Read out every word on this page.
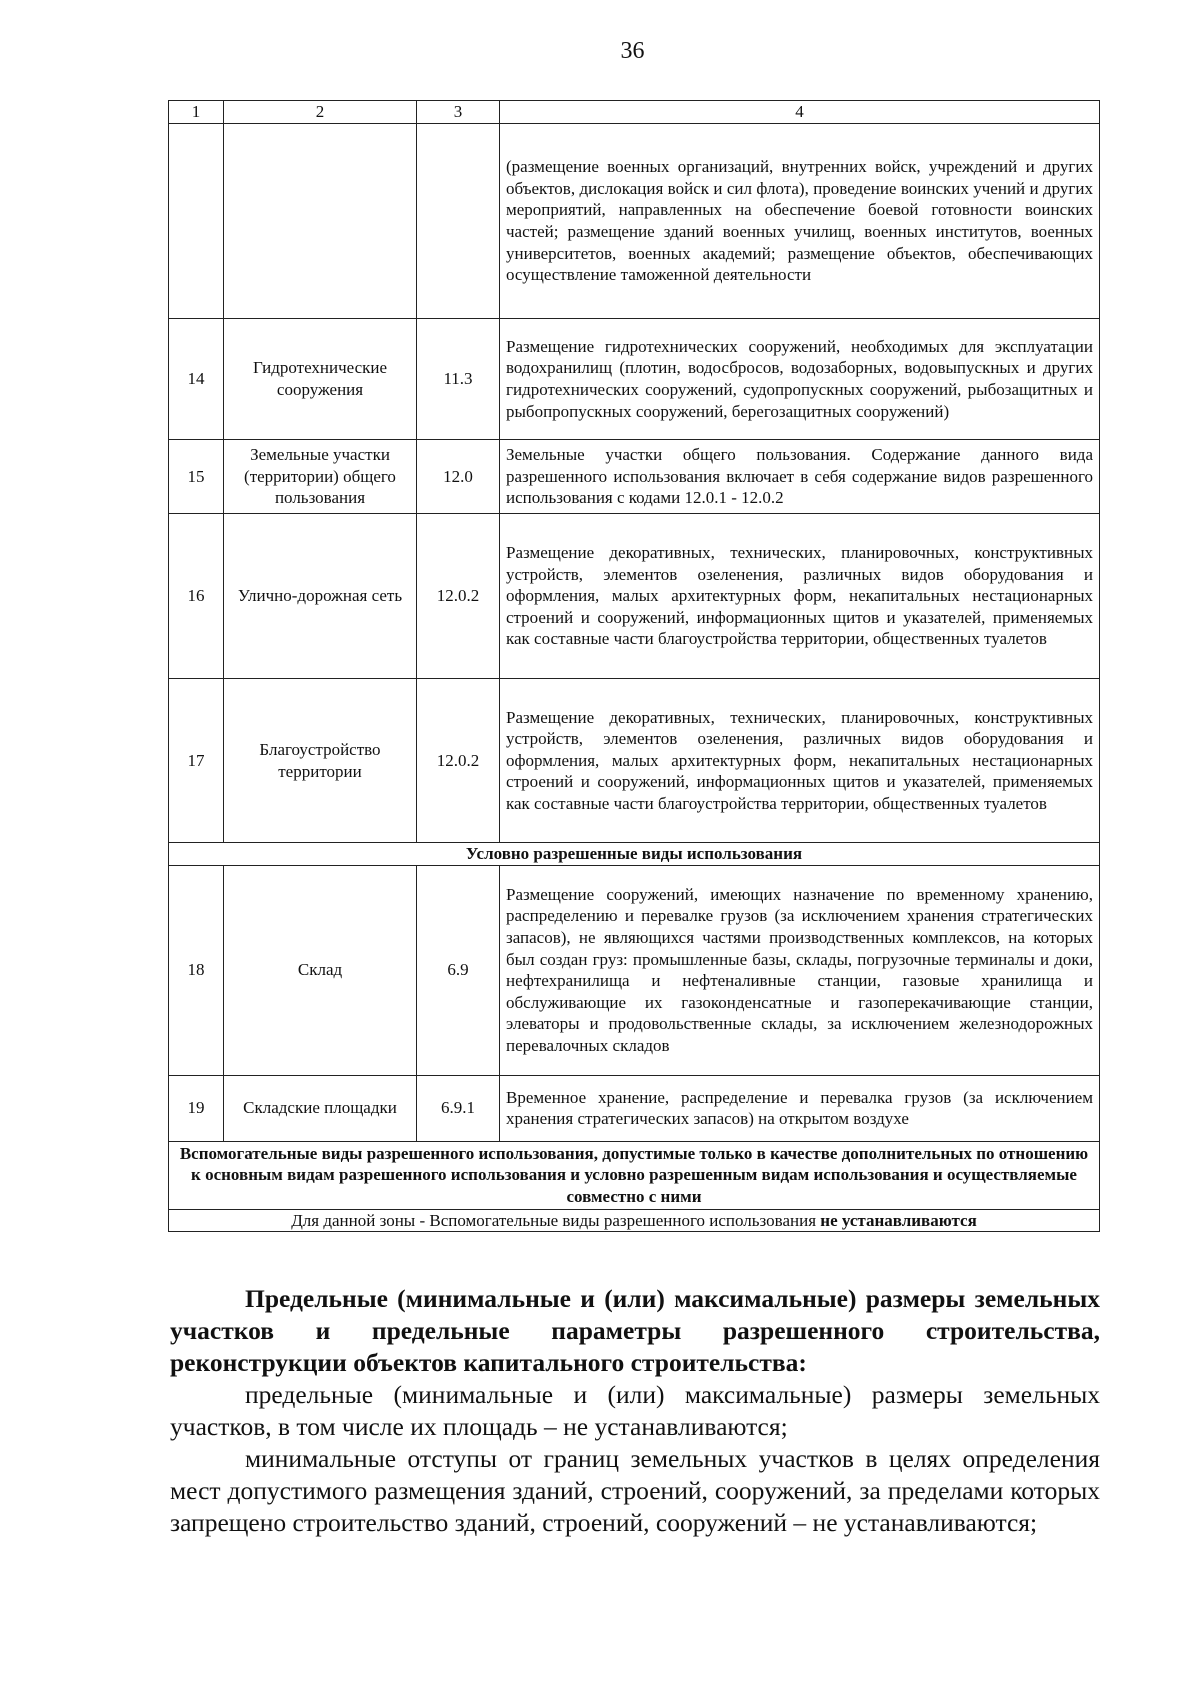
36
1	2	3	4
			(размещение военных организаций, внутренних войск, учреждений и других объектов, дислокация войск и сил флота), проведение воинских учений и других мероприятий, направленных на обеспечение боевой готовности воинских частей; размещение зданий военных училищ, военных институтов, военных университетов, военных академий; размещение объектов, обеспечивающих осуществление таможенной деятельности
14	Гидротехнические сооружения	11.3	Размещение гидротехнических сооружений, необходимых для эксплуатации водохранилищ (плотин, водосбросов, водозаборных, водовыпускных и других гидротехнических сооружений, судопропускных сооружений, рыбозащитных и рыбопропускных сооружений, берегозащитных сооружений)
15	Земельные участки (территории) общего пользования	12.0	Земельные участки общего пользования. Содержание данного вида разрешенного использования включает в себя содержание видов разрешенного использования с кодами 12.0.1 - 12.0.2
16	Улично-дорожная сеть	12.0.2	Размещение декоративных, технических, планировочных, конструктивных устройств, элементов озеленения, различных видов оборудования и оформления, малых архитектурных форм, некапитальных нестационарных строений и сооружений, информационных щитов и указателей, применяемых как составные части благоустройства территории, общественных туалетов
17	Благоустройство территории	12.0.2	Размещение декоративных, технических, планировочных, конструктивных устройств, элементов озеленения, различных видов оборудования и оформления, малых архитектурных форм, некапитальных нестационарных строений и сооружений, информационных щитов и указателей, применяемых как составные части благоустройства территории, общественных туалетов
Условно разрешенные виды использования			
18	Склад	6.9	Размещение сооружений, имеющих назначение по временному хранению, распределению и перевалке грузов (за исключением хранения стратегических запасов), не являющихся частями производственных комплексов, на которых был создан груз: промышленные базы, склады, погрузочные терминалы и доки, нефтехранилища и нефтеналивные станции, газовые хранилища и обслуживающие их газоконденсатные и газоперекачивающие станции, элеваторы и продовольственные склады, за исключением железнодорожных перевалочных складов
19	Складские площадки	6.9.1	Временное хранение, распределение и перевалка грузов (за исключением хранения стратегических запасов) на открытом воздухе
Вспомогательные виды разрешенного использования, допустимые только в качестве дополнительных по отношению к основным видам разрешенного использования и условно разрешенным видам использования и осуществляемые совместно с ними			
Для данной зоны - Вспомогательные виды разрешенного использования не устанавливаются			

Предельные (минимальные и (или) максимальные) размеры земельных участков и предельные параметры разрешенного строительства, реконструкции объектов капитального строительства:

предельные (минимальные и (или) максимальные) размеры земельных участков, в том числе их площадь – не устанавливаются;

минимальные отступы от границ земельных участков в целях определения мест допустимого размещения зданий, строений, сооружений, за пределами которых запрещено строительство зданий, строений, сооружений – не устанавливаются;
